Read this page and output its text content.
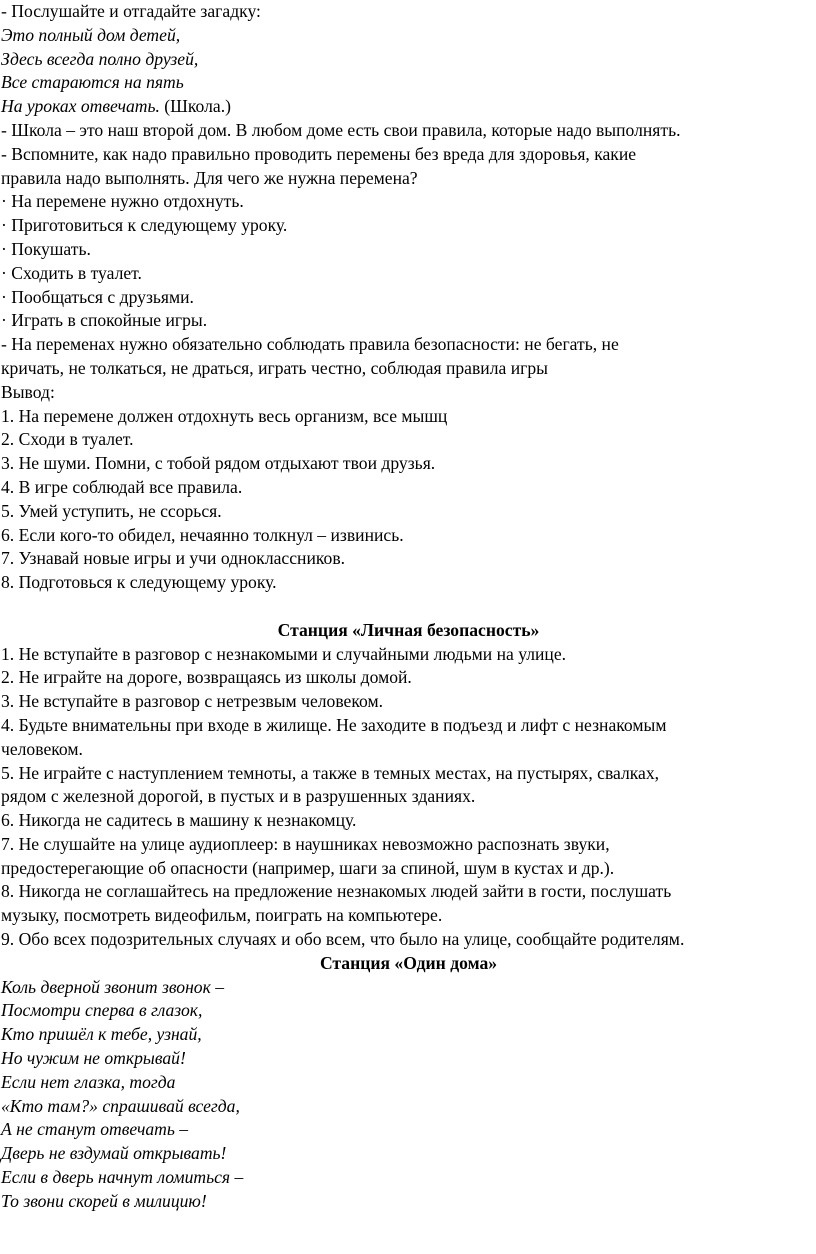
- Послушайте и отгадайте загадку:

Это полный дом детей,

Здесь всегда полно друзей,

Все стараются на пять

На уроках отвечать. (Школа.)

- Школа – это наш второй дом. В любом доме есть свои правила, которые надо выполнять.

- Вспомните, как надо правильно проводить перемены без вреда для здоровья, какие

правила надо выполнять. Для чего же нужна перемена?

· На перемене нужно отдохнуть.

· Приготовиться к следующему уроку.

· Покушать.

· Сходить в туалет.

· Пообщаться с друзьями.

· Играть в спокойные игры.

- На переменах нужно обязательно соблюдать правила безопасности: не бегать, не

кричать, не толкаться, не драться, играть честно, соблюдая правила игры

Вывод:

1. На перемене должен отдохнуть весь организм, все мышц

2. Сходи в туалет.

3. Не шуми. Помни, с тобой рядом отдыхают твои друзья.

4. В игре соблюдай все правила.

5. Умей уступить, не ссорься.

6. Если кого-то обидел, нечаянно толкнул – извинись.

7. Узнавай новые игры и учи одноклассников.

8. Подготовься к следующему уроку.

Станция «Личная безопасность»

1. Не вступайте в разговор с незнакомыми и случайными людьми на улице.

2. Не играйте на дороге, возвращаясь из школы домой.

3. Не вступайте в разговор с нетрезвым человеком.

4. Будьте внимательны при входе в жилище. Не заходите в подъезд и лифт с незнакомым

человеком.

5. Не играйте с наступлением темноты, а также в темных местах, на пустырях, свалках,

рядом с железной дорогой, в пустых и в разрушенных зданиях.

6. Никогда не садитесь в машину к незнакомцу.

7. Не слушайте на улице аудиоплеер: в наушниках невозможно распознать звуки,

предостерегающие об опасности (например, шаги за спиной, шум в кустах и др.).

8. Никогда не соглашайтесь на предложение незнакомых людей зайти в гости, послушать

музыку, посмотреть видеофильм, поиграть на компьютере.

9. Обо всех подозрительных случаях и обо всем, что было на улице, сообщайте родителям.

Станция «Один дома»

Коль дверной звонит звонок –

Посмотри сперва в глазок,

Кто пришёл к тебе, узнай,

Но чужим не открывай!

Если нет глазка, тогда

«Кто там?» спрашивай всегда,

А не станут отвечать –

Дверь не вздумай открывать!

Если в дверь начнут ломиться –

То звони скорей в милицию!
